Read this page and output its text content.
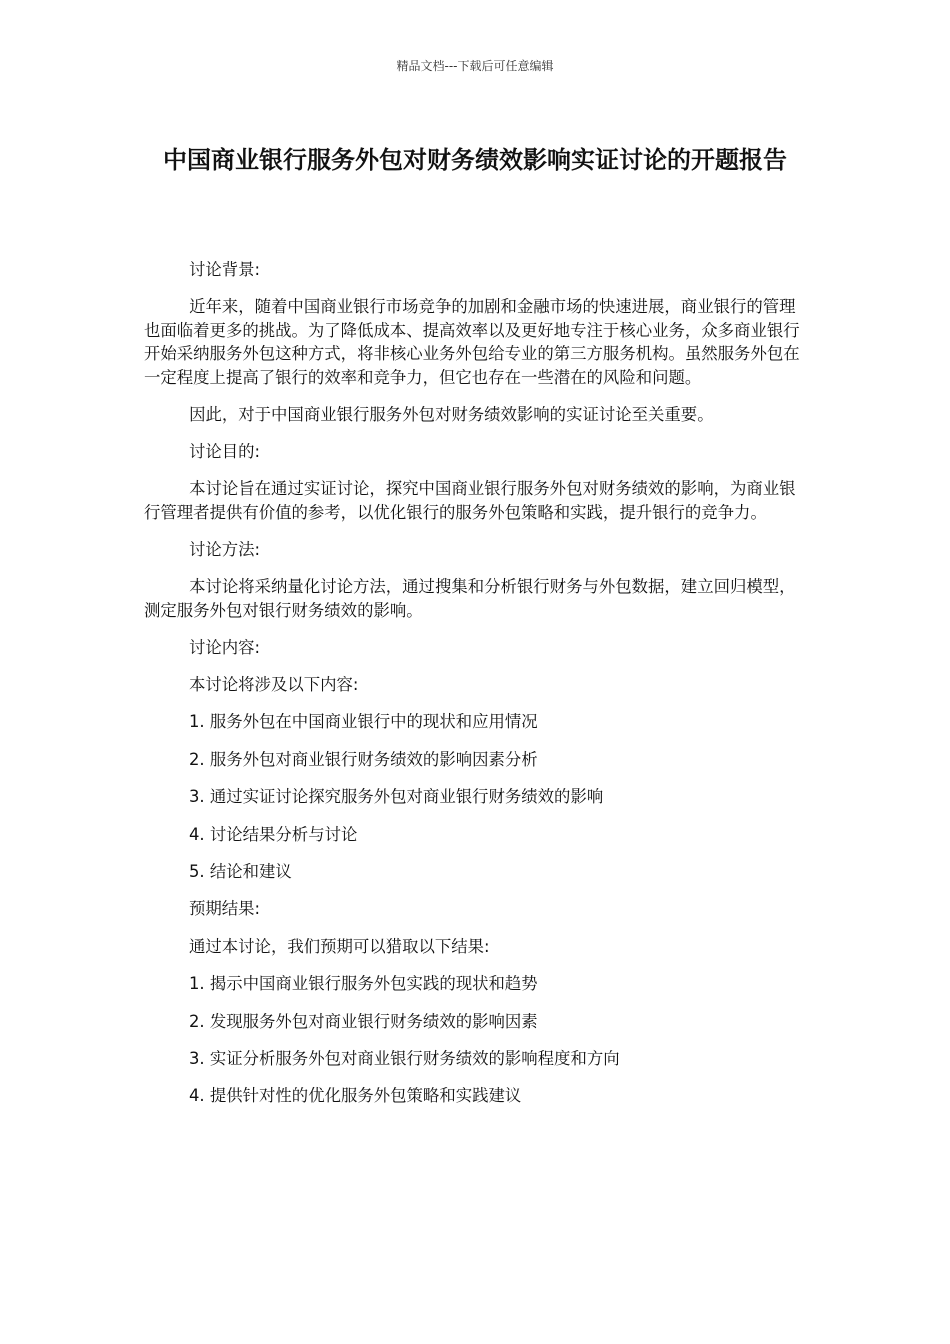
精品文档---下载后可任意编辑
中国商业银行服务外包对财务绩效影响实证讨论的开题报告

讨论背景:

近年来，随着中国商业银行市场竞争的加剧和金融市场的快速进展，商业银行的管理也面临着更多的挑战。为了降低成本、提高效率以及更好地专注于核心业务，众多商业银行开始采纳服务外包这种方式，将非核心业务外包给专业的第三方服务机构。虽然服务外包在一定程度上提高了银行的效率和竞争力，但它也存在一些潜在的风险和问题。

因此，对于中国商业银行服务外包对财务绩效影响的实证讨论至关重要。

讨论目的:

本讨论旨在通过实证讨论，探究中国商业银行服务外包对财务绩效的影响，为商业银行管理者提供有价值的参考，以优化银行的服务外包策略和实践，提升银行的竞争力。

讨论方法:

本讨论将采纳量化讨论方法，通过搜集和分析银行财务与外包数据，建立回归模型，测定服务外包对银行财务绩效的影响。

讨论内容:

本讨论将涉及以下内容:

1. 服务外包在中国商业银行中的现状和应用情况

2. 服务外包对商业银行财务绩效的影响因素分析

3. 通过实证讨论探究服务外包对商业银行财务绩效的影响

4. 讨论结果分析与讨论

5. 结论和建议

预期结果:

通过本讨论，我们预期可以猎取以下结果:

1. 揭示中国商业银行服务外包实践的现状和趋势

2. 发现服务外包对商业银行财务绩效的影响因素

3. 实证分析服务外包对商业银行财务绩效的影响程度和方向

4. 提供针对性的优化服务外包策略和实践建议
